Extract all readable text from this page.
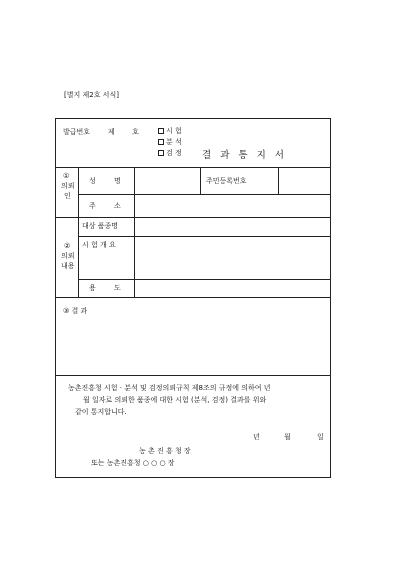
[별지 제2호 서식]
발급번호	제 호	시 험
분 석
검 정 결 과 통 지 서
①
의뢰
인
성 명	주민등록번호
주 소
대상 품종명
②
의뢰
내용
시 험 개 요
용 도
③ 결 과
농촌진흥청 시험 · 분석 및 검정의뢰규칙 제8조의 규정에 의하여 년
월 일자로 의뢰한 품종에 대한 시험 (분석, 검정) 결과를 위와
같이 통지합니다.
년	월	일
농 촌 진 흥 청 장
또는 농촌진흥청 ○ ○ ○ 장
